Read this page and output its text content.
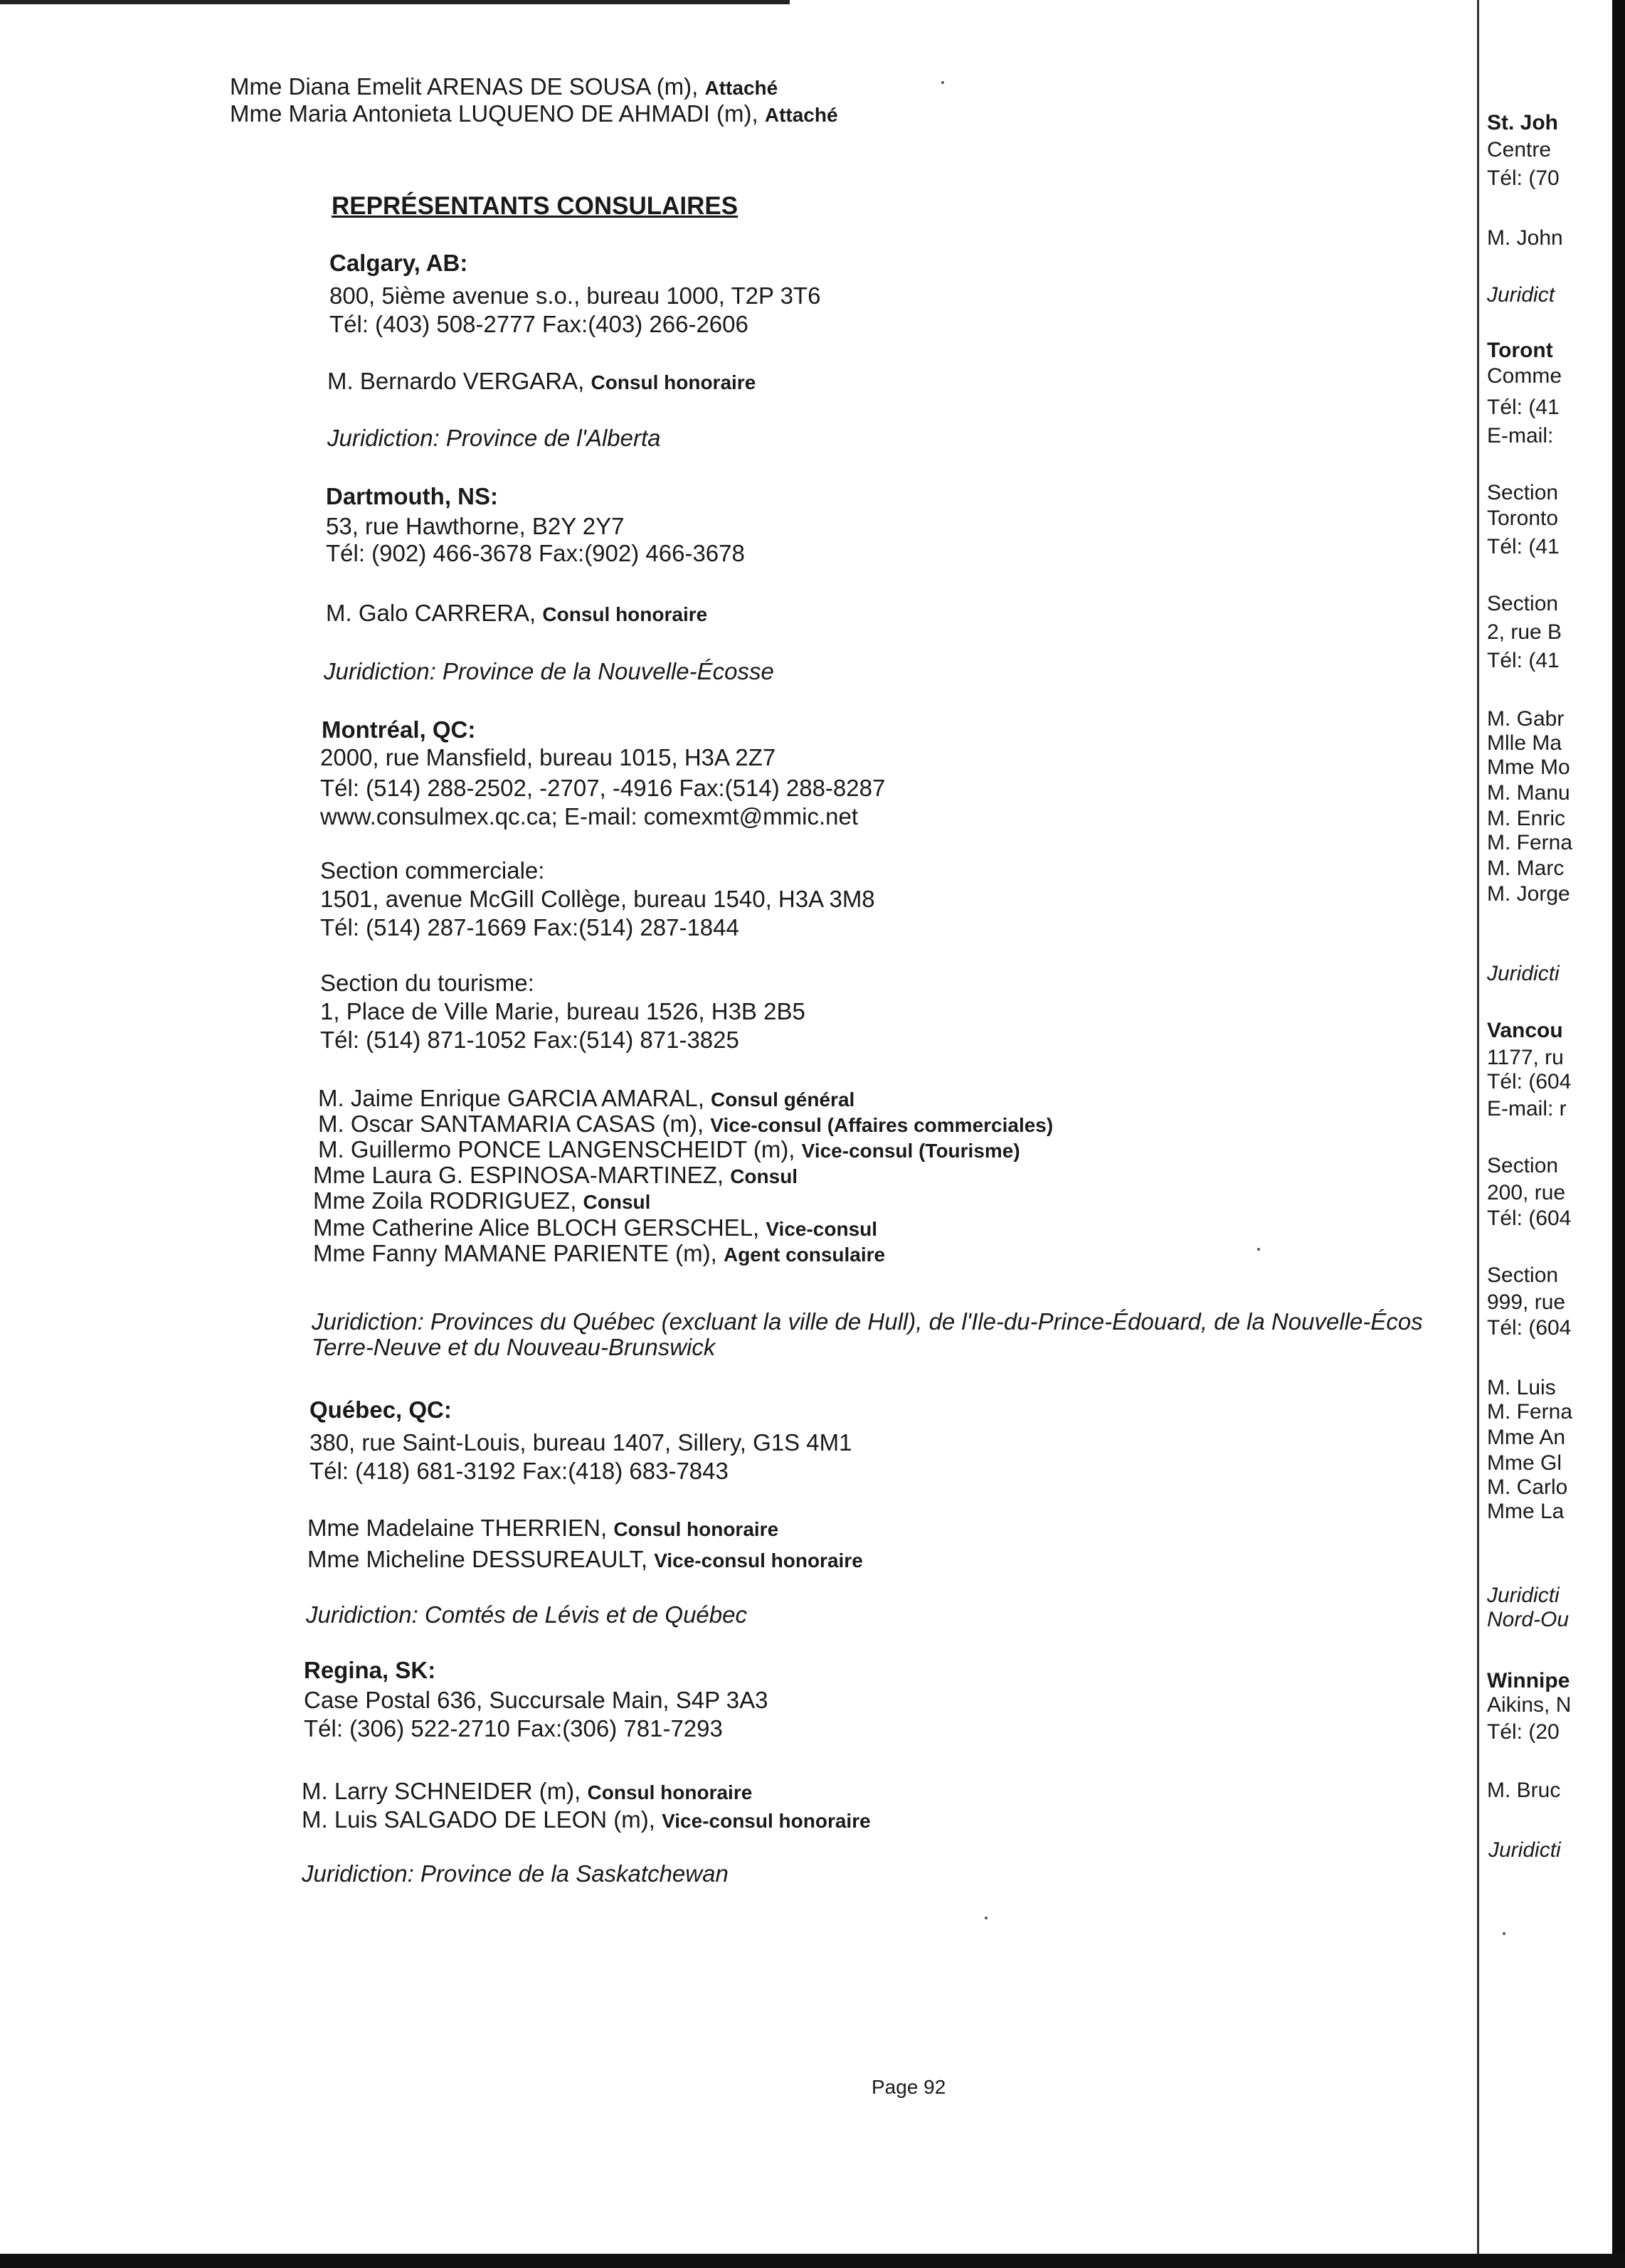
Mme Diana Emelit ARENAS DE SOUSA (m), Attaché
Mme Maria Antonieta LUQUENO DE AHMADI (m), Attaché
REPRÉSENTANTS CONSULAIRES
Calgary, AB:
800, 5ième avenue s.o., bureau 1000, T2P 3T6
Tél: (403) 508-2777 Fax:(403) 266-2606
M. Bernardo VERGARA, Consul honoraire
Juridiction: Province de l'Alberta
Dartmouth, NS:
53, rue Hawthorne, B2Y 2Y7
Tél: (902) 466-3678 Fax:(902) 466-3678
M. Galo CARRERA, Consul honoraire
Juridiction: Province de la Nouvelle-Écosse
Montréal, QC:
2000, rue Mansfield, bureau 1015, H3A 2Z7
Tél: (514) 288-2502, -2707, -4916 Fax:(514) 288-8287
www.consulmex.qc.ca; E-mail: comexmt@mmic.net
Section commerciale:
1501, avenue McGill Collège, bureau 1540, H3A 3M8
Tél: (514) 287-1669 Fax:(514) 287-1844
Section du tourisme:
1, Place de Ville Marie, bureau 1526, H3B 2B5
Tél: (514) 871-1052 Fax:(514) 871-3825
M. Jaime Enrique GARCIA AMARAL, Consul général
M. Oscar SANTAMARIA CASAS (m), Vice-consul (Affaires commerciales)
M. Guillermo PONCE LANGENSCHEIDT (m), Vice-consul (Tourisme)
Mme Laura G. ESPINOSA-MARTINEZ, Consul
Mme Zoila RODRIGUEZ, Consul
Mme Catherine Alice BLOCH GERSCHEL, Vice-consul
Mme Fanny MAMANE PARIENTE (m), Agent consulaire
Juridiction: Provinces du Québec (excluant la ville de Hull), de l'Ile-du-Prince-Édouard, de la Nouvelle-Écos
Terre-Neuve et du Nouveau-Brunswick
Québec, QC:
380, rue Saint-Louis, bureau 1407, Sillery, G1S 4M1
Tél: (418) 681-3192 Fax:(418) 683-7843
Mme Madelaine THERRIEN, Consul honoraire
Mme Micheline DESSUREAULT, Vice-consul honoraire
Juridiction: Comtés de Lévis et de Québec
Regina, SK:
Case Postal 636, Succursale Main, S4P 3A3
Tél: (306) 522-2710 Fax:(306) 781-7293
M. Larry SCHNEIDER (m), Consul honoraire
M. Luis SALGADO DE LEON (m), Vice-consul honoraire
Juridiction: Province de la Saskatchewan
Page 92
St. Joh
Centre
Tél: (70
M. John
Juridict
Toront
Comme
Tél: (41
E-mail:
Section
Toronto
Tél: (41
Section
2, rue B
Tél: (41
M. Gabr
Mlle Ma
Mme Mo
M. Manu
M. Enric
M. Ferna
M. Marc
M. Jorge
Juridicti
Vancou
1177, ru
Tél: (604
E-mail: r
Section
200, rue
Tél: (604
Section
999, rue
Tél: (604
M. Luis
M. Ferna
Mme An
Mme Gl
M. Carlo
Mme La
Juridicti
Nord-Ou
Winnipe
Aikins, N
Tél: (20
M. Bruc
Juridicti
